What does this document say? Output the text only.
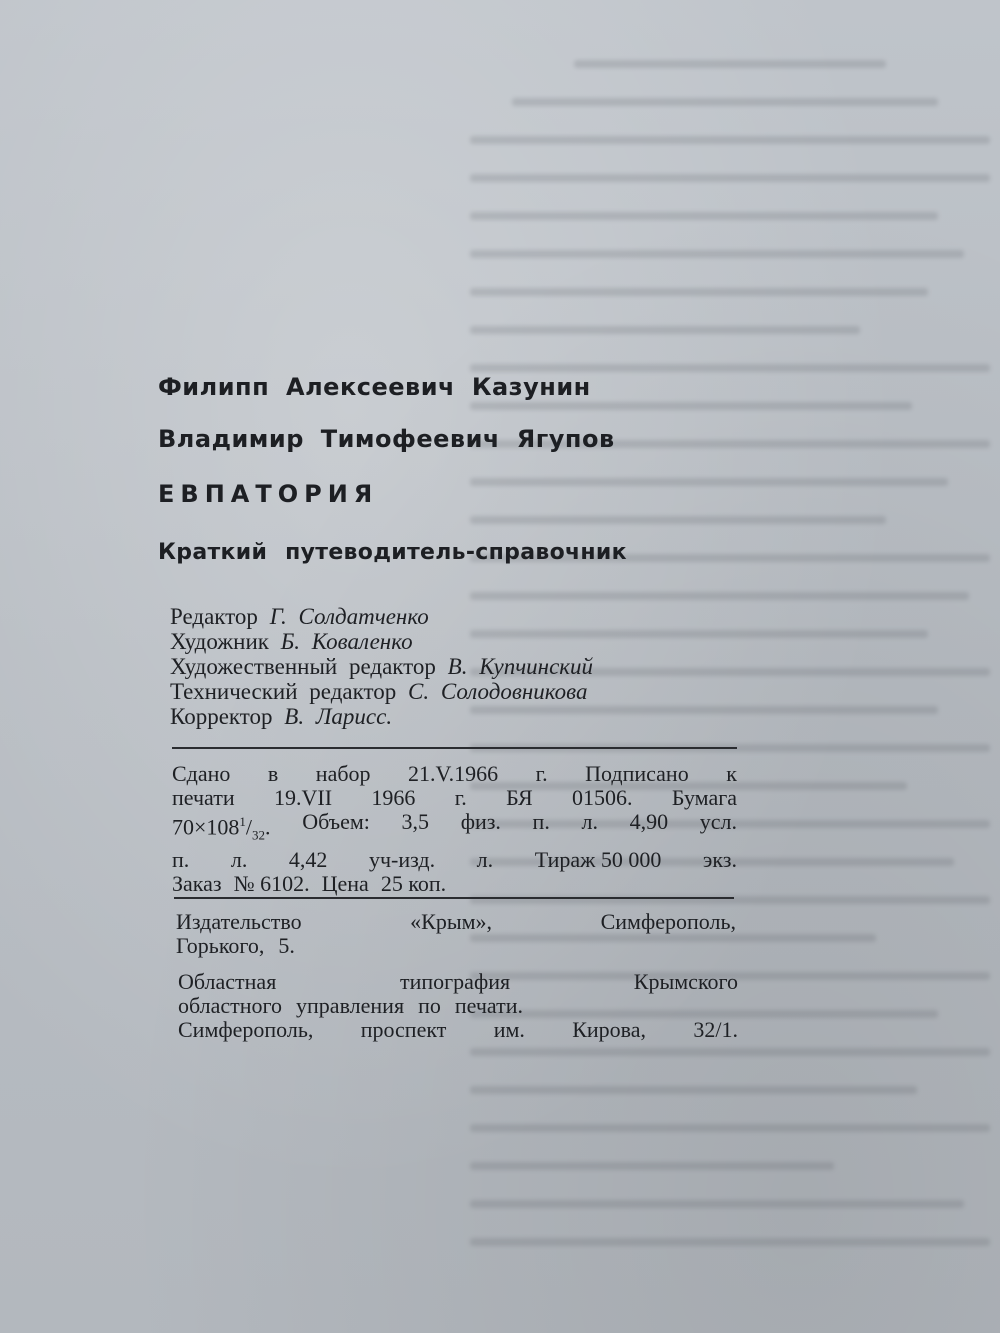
Филипп Алексеевич Казунин
Владимир Тимофеевич Ягупов
ЕВПАТОРИЯ
Краткий путеводитель-справочник
Редактор Г. Солдатченко
Художник Б. Коваленко
Художественный редактор В. Купчинский
Технический редактор С. Солодовникова
Корректор В. Ларисс.
Сдано в набор 21.V.1966 г. Подписано к
печати 19.VII 1966 г. БЯ 01506. Бумага
$70\times 108^1/_{32}$. Объем: 3,5 физ. п. л. 4,90 усл.
п. л. 4,42 уч-изд. л. Тираж 50 000 экз.
Заказ № 6102. Цена 25 коп.
Издательство	«Крым»,	Симферополь,
Горького, 5.
Областная	типография	Крымского
областного управления по печати.
Симферополь, проспект им. Кирова, 32/1.
